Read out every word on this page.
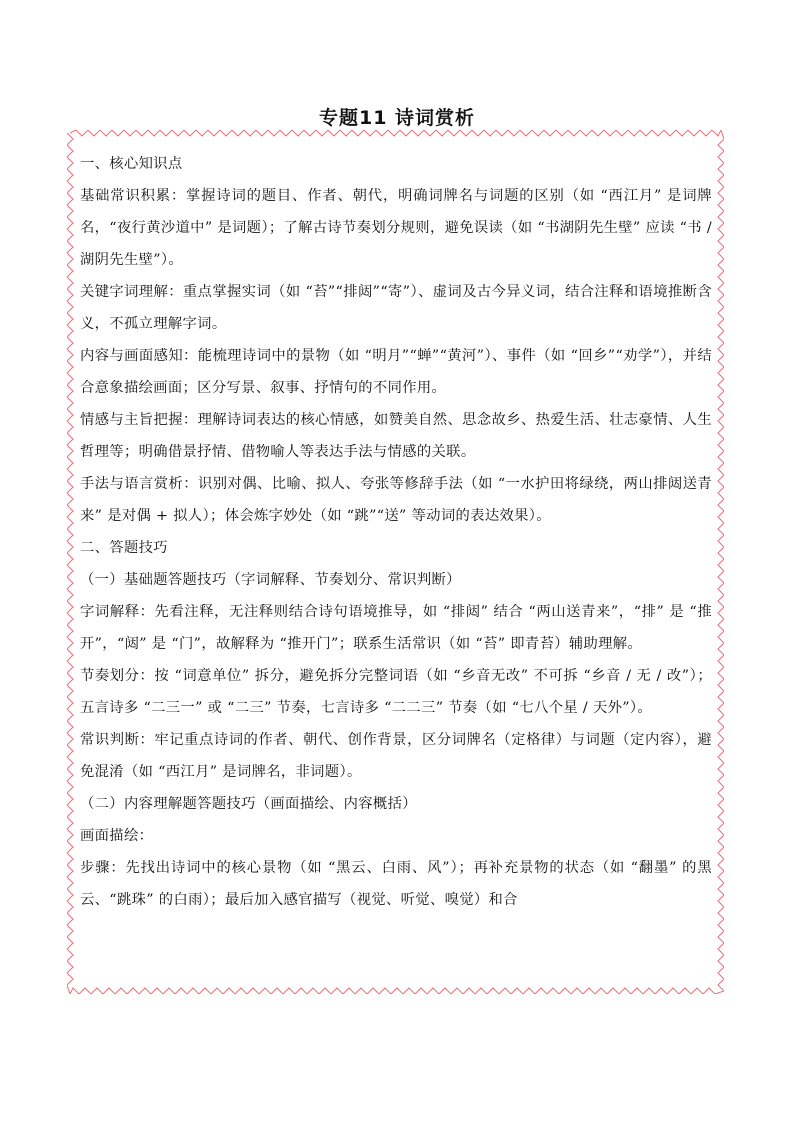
专题11 诗词赏析

一、核心知识点

基础常识积累：掌握诗词的题目、作者、朝代，明确词牌名与词题的区别（如 “西江月” 是词牌名，“夜行黄沙道中” 是词题）；了解古诗节奏划分规则，避免误读（如 “书湖阴先生壁” 应读 “书 / 湖阴先生壁”）。

关键字词理解：重点掌握实词（如 “苔”“排闼”“寄”）、虚词及古今异义词，结合注释和语境推断含义，不孤立理解字词。

内容与画面感知：能梳理诗词中的景物（如 “明月”“蝉”“黄河”）、事件（如 “回乡”“劝学”），并结合意象描绘画面；区分写景、叙事、抒情句的不同作用。

情感与主旨把握：理解诗词表达的核心情感，如赞美自然、思念故乡、热爱生活、壮志豪情、人生哲理等；明确借景抒情、借物喻人等表达手法与情感的关联。

手法与语言赏析：识别对偶、比喻、拟人、夸张等修辞手法（如 “一水护田将绿绕，两山排闼送青来” 是对偶 + 拟人）；体会炼字妙处（如 “跳”“送” 等动词的表达效果）。

二、答题技巧

（一）基础题答题技巧（字词解释、节奏划分、常识判断）

字词解释：先看注释，无注释则结合诗句语境推导，如 “排闼” 结合 “两山送青来”，“排” 是 “推开”，“闼” 是 “门”，故解释为 “推开门”；联系生活常识（如 “苔” 即青苔）辅助理解。

节奏划分：按 “词意单位” 拆分，避免拆分完整词语（如 “乡音无改” 不可拆 “乡音 / 无 / 改”）；五言诗多 “二三一” 或 “二三” 节奏，七言诗多 “二二三” 节奏（如 “七八个星 / 天外”）。

常识判断：牢记重点诗词的作者、朝代、创作背景，区分词牌名（定格律）与词题（定内容），避免混淆（如 “西江月” 是词牌名，非词题）。

（二）内容理解题答题技巧（画面描绘、内容概括）

画面描绘：

步骤：先找出诗词中的核心景物（如 “黑云、白雨、风”）；再补充景物的状态（如 “翻墨” 的黑云、“跳珠” 的白雨）；最后加入感官描写（视觉、听觉、嗅觉）和合
